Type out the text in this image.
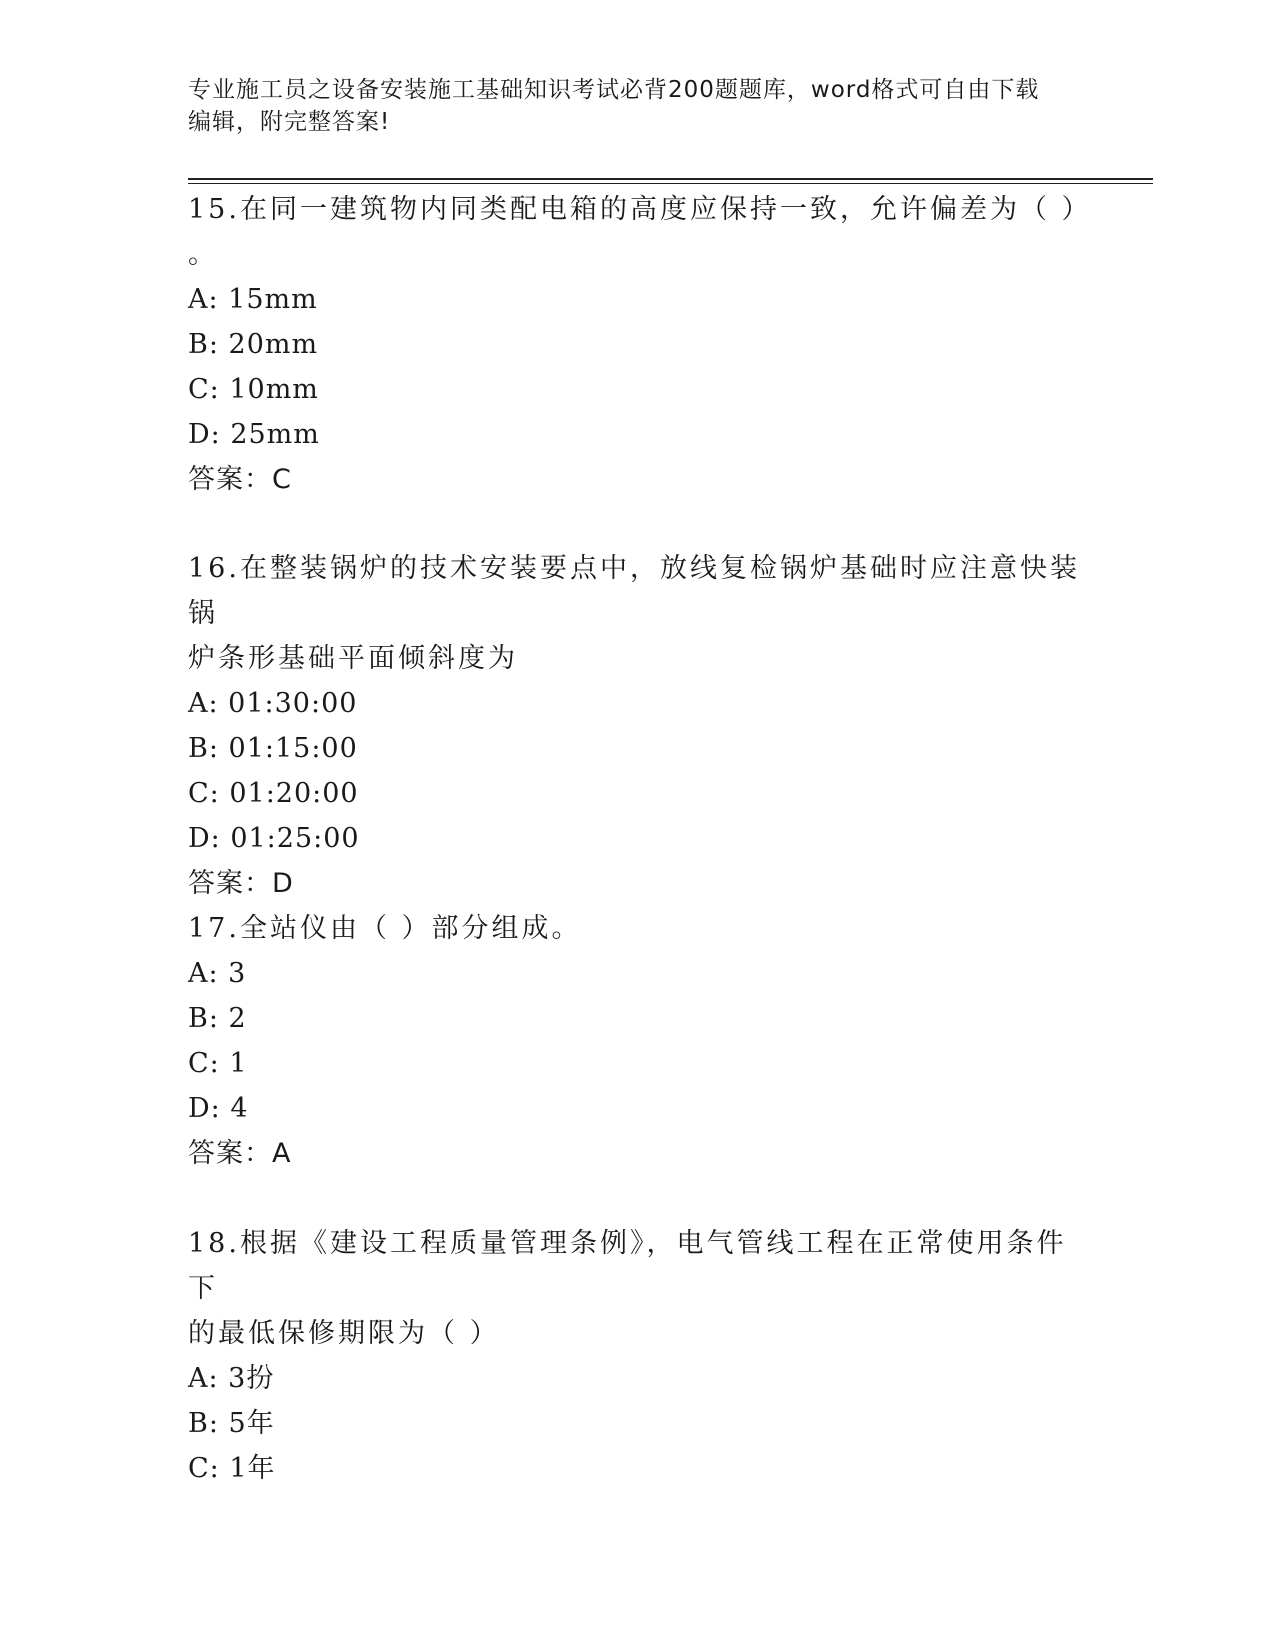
专业施工员之设备安装施工基础知识考试必背200题题库，word格式可自由下载
编辑，附完整答案!

15.在同一建筑物内同类配电箱的高度应保持一致，允许偏差为（ ）

。

A: 15mm

B: 20mm

C: 10mm

D: 25mm

答案：C

16.在整装锅炉的技术安装要点中，放线复检锅炉基础时应注意快装锅

炉条形基础平面倾斜度为

A: 01:30:00

B: 01:15:00

C: 01:20:00

D: 01:25:00

答案：D

17.全站仪由（ ）部分组成。

A: 3

B: 2

C: 1

D: 4

答案：A

18.根据《建设工程质量管理条例》，电气管线工程在正常使用条件下

的最低保修期限为（ ）

A: 3扮

B: 5年

C: 1年
